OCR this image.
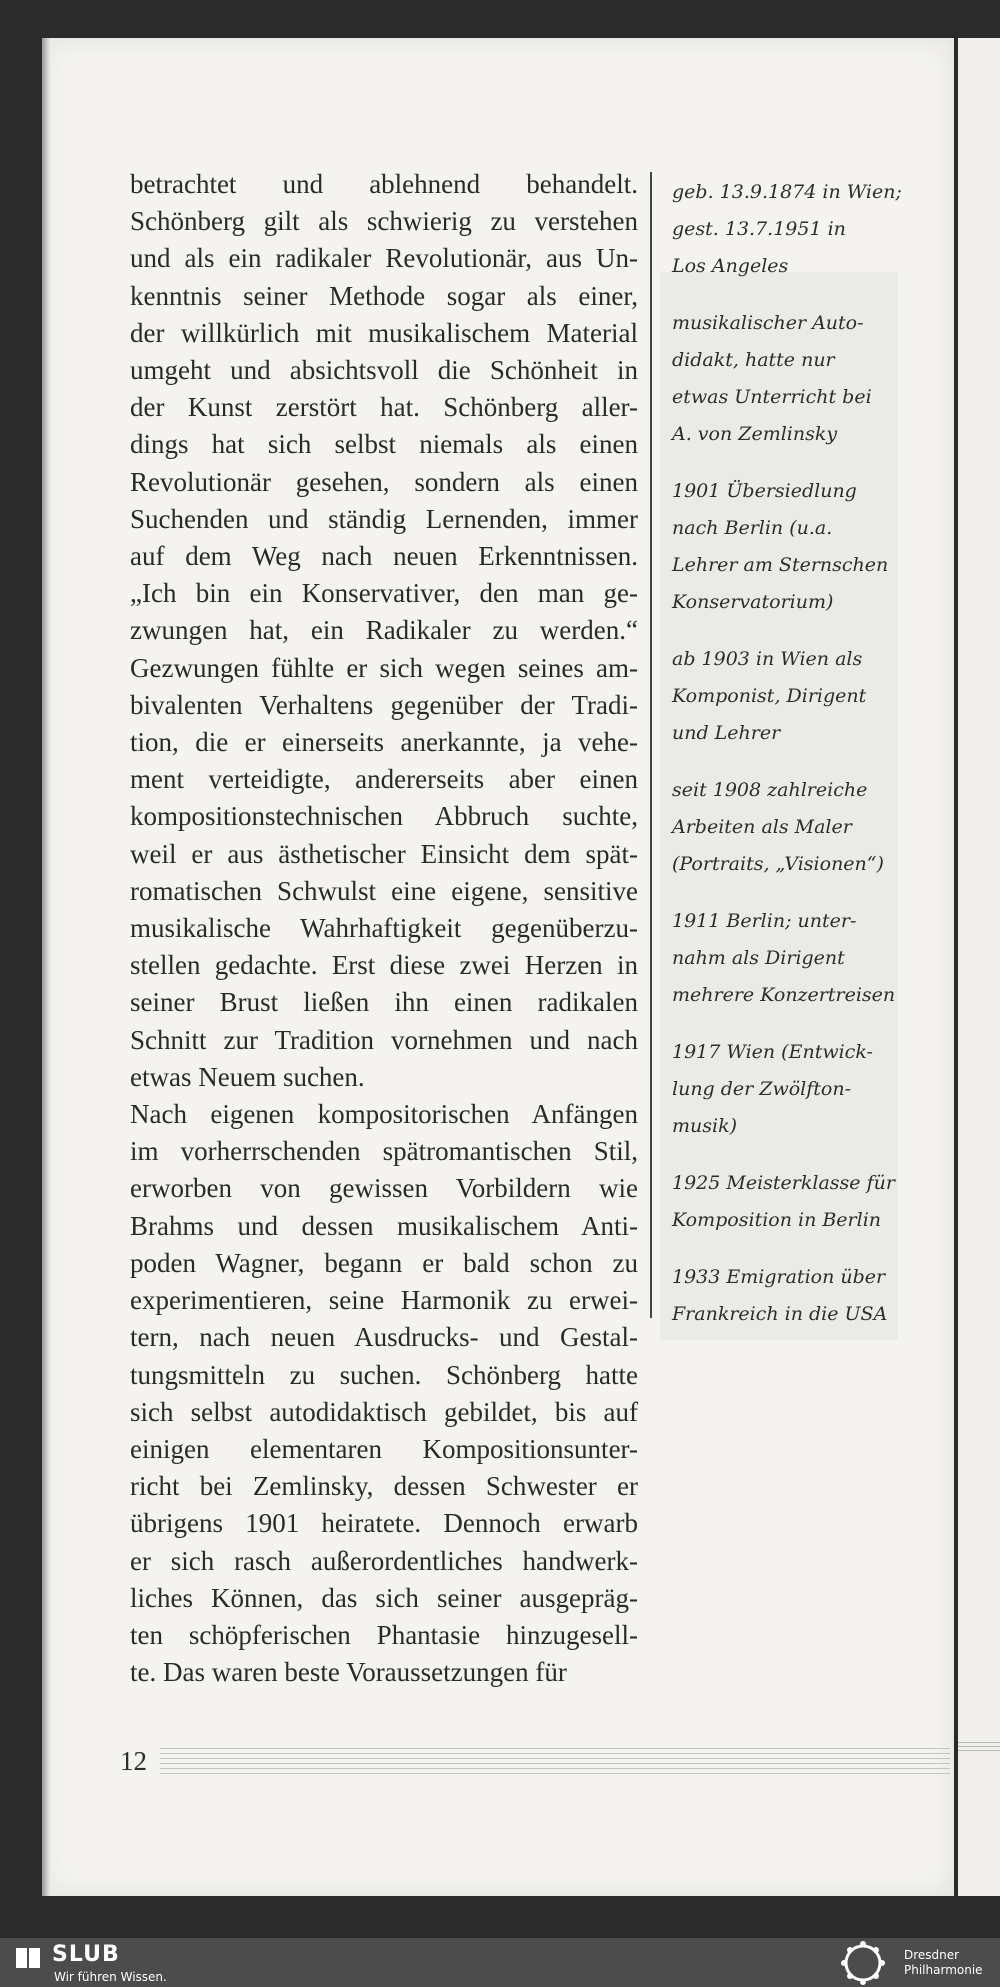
betrachtet und ablehnend behandelt.

Schönberg gilt als schwierig zu verstehen

und als ein radikaler Revolutionär, aus Un-

kenntnis seiner Methode sogar als einer,

der willkürlich mit musikalischem Material

umgeht und absichtsvoll die Schönheit in

der Kunst zerstört hat. Schönberg aller-

dings hat sich selbst niemals als einen

Revolutionär gesehen, sondern als einen

Suchenden und ständig Lernenden, immer

auf dem Weg nach neuen Erkenntnissen.

„Ich bin ein Konservativer, den man ge-

zwungen hat, ein Radikaler zu werden.“

Gezwungen fühlte er sich wegen seines am-

bivalenten Verhaltens gegenüber der Tradi-

tion, die er einerseits anerkannte, ja vehe-

ment verteidigte, andererseits aber einen

kompositionstechnischen Abbruch suchte,

weil er aus ästhetischer Einsicht dem spät-

romatischen Schwulst eine eigene, sensitive

musikalische Wahrhaftigkeit gegenüberzu-

stellen gedachte. Erst diese zwei Herzen in

seiner Brust ließen ihn einen radikalen

Schnitt zur Tradition vornehmen und nach

etwas Neuem suchen.

Nach eigenen kompositorischen Anfängen

im vorherrschenden spätromantischen Stil,

erworben von gewissen Vorbildern wie

Brahms und dessen musikalischem Anti-

poden Wagner, begann er bald schon zu

experimentieren, seine Harmonik zu erwei-

tern, nach neuen Ausdrucks- und Gestal-

tungsmitteln zu suchen. Schönberg hatte

sich selbst autodidaktisch gebildet, bis auf

einigen elementaren Kompositionsunter-

richt bei Zemlinsky, dessen Schwester er

übrigens 1901 heiratete. Dennoch erwarb

er sich rasch außerordentliches handwerk-

liches Können, das sich seiner ausgepräg-

ten schöpferischen Phantasie hinzugesell-

te. Das waren beste Voraussetzungen für

geb. 13.9.1874 in Wien;
gest. 13.7.1951 in
Los Angeles
musikalischer Auto-
didakt, hatte nur
etwas Unterricht bei
A. von Zemlinsky
1901 Übersiedlung
nach Berlin (u.a.
Lehrer am Sternschen
Konservatorium)
ab 1903 in Wien als
Komponist, Dirigent
und Lehrer
seit 1908 zahlreiche
Arbeiten als Maler
(Portraits, „Visionen“)
1911 Berlin; unter-
nahm als Dirigent
mehrere Konzertreisen
1917 Wien (Entwick-
lung der Zwölfton-
musik)
1925 Meisterklasse für
Komposition in Berlin
1933 Emigration über
Frankreich in die USA
12
SLUB
Wir führen Wissen.
Dresdner
Philharmonie
